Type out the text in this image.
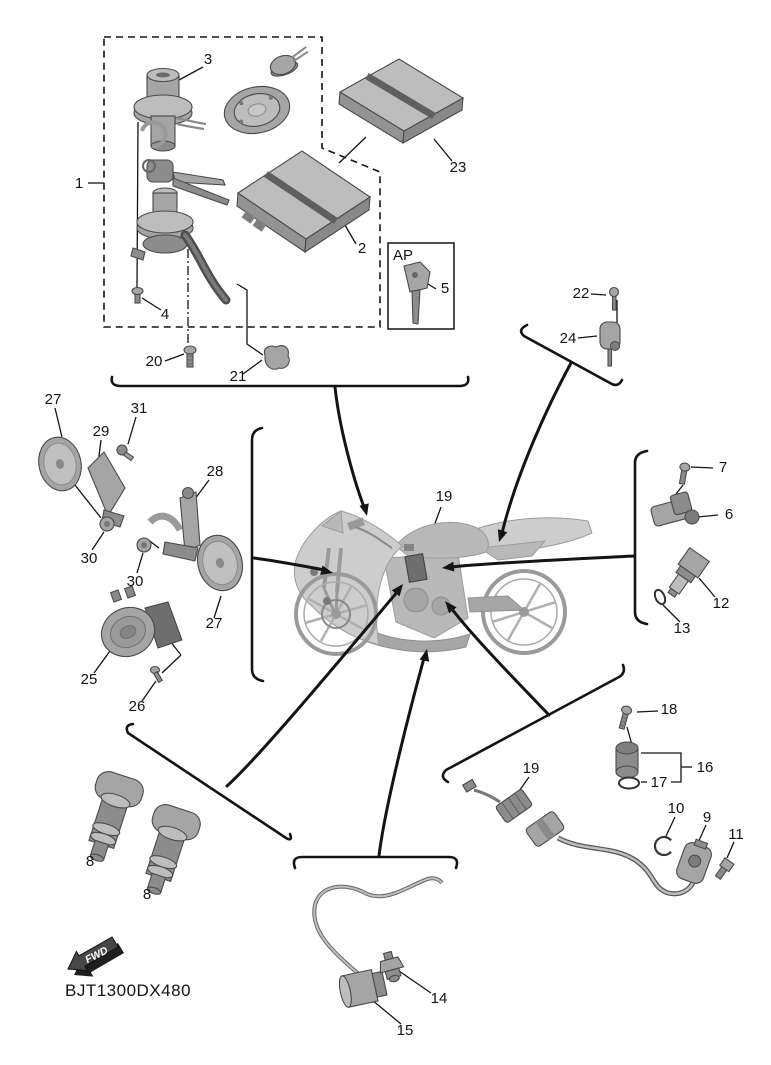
1
2
3
4
5
6
7
8
8
9
10
11
12
13
14
15
16
17
18
19
19
20
21
22
23
24
25
26
27
27
28
29
30
30
31
AP
FWD
BJT1300DX480
